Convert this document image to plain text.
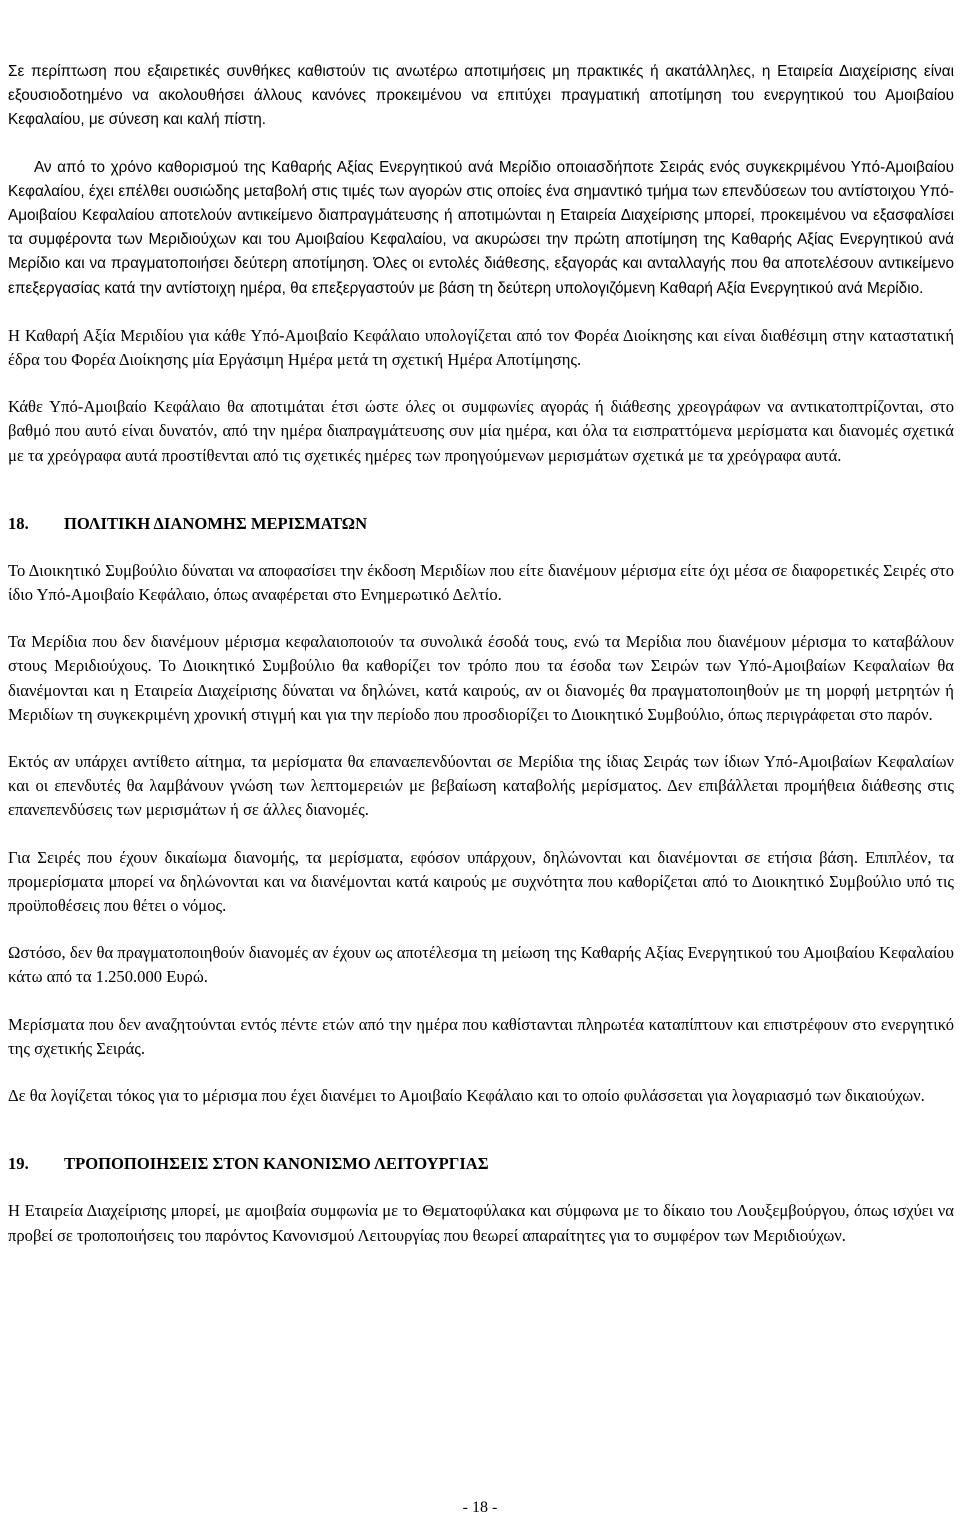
Σε περίπτωση που εξαιρετικές συνθήκες καθιστούν τις ανωτέρω αποτιμήσεις μη πρακτικές ή ακατάλληλες, η Εταιρεία Διαχείρισης είναι εξουσιοδοτημένο να ακολουθήσει άλλους κανόνες προκειμένου να επιτύχει πραγματική αποτίμηση του ενεργητικού του Αμοιβαίου Κεφαλαίου, με σύνεση και καλή πίστη.

Αν από το χρόνο καθορισμού της Καθαρής Αξίας Ενεργητικού ανά Μερίδιο οποιασδήποτε Σειράς ενός συγκεκριμένου Υπό-Αμοιβαίου Κεφαλαίου, έχει επέλθει ουσιώδης μεταβολή στις τιμές των αγορών στις οποίες ένα σημαντικό τμήμα των επενδύσεων του αντίστοιχου Υπό-Αμοιβαίου Κεφαλαίου αποτελούν αντικείμενο διαπραγμάτευσης ή αποτιμώνται η Εταιρεία Διαχείρισης μπορεί, προκειμένου να εξασφαλίσει τα συμφέροντα των Μεριδιούχων και του Αμοιβαίου Κεφαλαίου, να ακυρώσει την πρώτη αποτίμηση της Καθαρής Αξίας Ενεργητικού ανά Μερίδιο και να πραγματοποιήσει δεύτερη αποτίμηση. Όλες οι εντολές διάθεσης, εξαγοράς και ανταλλαγής που θα αποτελέσουν αντικείμενο επεξεργασίας κατά την αντίστοιχη ημέρα, θα επεξεργαστούν με βάση τη δεύτερη υπολογιζόμενη Καθαρή Αξία Ενεργητικού ανά Μερίδιο.

Η Καθαρή Αξία Μεριδίου για κάθε Υπό-Αμοιβαίο Κεφάλαιο υπολογίζεται από τον Φορέα Διοίκησης και είναι διαθέσιμη στην καταστατική έδρα του Φορέα Διοίκησης μία Εργάσιμη Ημέρα μετά τη σχετική Ημέρα Αποτίμησης.

Κάθε Υπό-Αμοιβαίο Κεφάλαιο θα αποτιμάται έτσι ώστε όλες οι συμφωνίες αγοράς ή διάθεσης χρεογράφων να αντικατοπτρίζονται, στο βαθμό που αυτό είναι δυνατόν, από την ημέρα διαπραγμάτευσης συν μία ημέρα, και όλα τα εισπραττόμενα μερίσματα και διανομές σχετικά με τα χρεόγραφα αυτά προστίθενται από τις σχετικές ημέρες των προηγούμενων μερισμάτων σχετικά με τα χρεόγραφα αυτά.

18.	ΠΟΛΙΤΙΚΗ ΔΙΑΝΟΜΗΣ ΜΕΡΙΣΜΑΤΩΝ

Το Διοικητικό Συμβούλιο δύναται να αποφασίσει την έκδοση Μεριδίων που είτε διανέμουν μέρισμα είτε όχι μέσα σε διαφορετικές Σειρές στο ίδιο Υπό-Αμοιβαίο Κεφάλαιο, όπως αναφέρεται στο Ενημερωτικό Δελτίο.

Τα Μερίδια που δεν διανέμουν μέρισμα κεφαλαιοποιούν τα συνολικά έσοδά τους, ενώ τα Μερίδια που διανέμουν μέρισμα το καταβάλουν στους Μεριδιούχους. Το Διοικητικό Συμβούλιο θα καθορίζει τον τρόπο που τα έσοδα των Σειρών των Υπό-Αμοιβαίων Κεφαλαίων θα διανέμονται και η Εταιρεία Διαχείρισης δύναται να δηλώνει, κατά καιρούς, αν οι διανομές θα πραγματοποιηθούν με τη μορφή μετρητών ή Μεριδίων τη συγκεκριμένη χρονική στιγμή και για την περίοδο που προσδιορίζει το Διοικητικό Συμβούλιο, όπως περιγράφεται στο παρόν.

Εκτός αν υπάρχει αντίθετο αίτημα, τα μερίσματα θα επαναεπενδύονται σε Μερίδια της ίδιας Σειράς των ίδιων Υπό-Αμοιβαίων Κεφαλαίων και οι επενδυτές θα λαμβάνουν γνώση των λεπτομερειών με βεβαίωση καταβολής μερίσματος. Δεν επιβάλλεται προμήθεια διάθεσης στις επανεπενδύσεις των μερισμάτων ή σε άλλες διανομές.

Για Σειρές που έχουν δικαίωμα διανομής, τα μερίσματα, εφόσον υπάρχουν, δηλώνονται και διανέμονται σε ετήσια βάση. Επιπλέον, τα προμερίσματα μπορεί να δηλώνονται και να διανέμονται κατά καιρούς με συχνότητα που καθορίζεται από το Διοικητικό Συμβούλιο υπό τις προϋποθέσεις που θέτει ο νόμος.

Ωστόσο, δεν θα πραγματοποιηθούν διανομές αν έχουν ως αποτέλεσμα τη μείωση της Καθαρής Αξίας Ενεργητικού του Αμοιβαίου Κεφαλαίου κάτω από τα 1.250.000 Ευρώ.

Μερίσματα που δεν αναζητούνται εντός πέντε ετών από την ημέρα που καθίστανται πληρωτέα καταπίπτουν και επιστρέφουν στο ενεργητικό της σχετικής Σειράς.

Δε θα λογίζεται τόκος για το μέρισμα που έχει διανέμει το Αμοιβαίο Κεφάλαιο και το οποίο φυλάσσεται για λογαριασμό των δικαιούχων.

19.	ΤΡΟΠΟΠΟΙΗΣΕΙΣ ΣΤΟΝ ΚΑΝΟΝΙΣΜΟ ΛΕΙΤΟΥΡΓΙΑΣ

Η Εταιρεία Διαχείρισης μπορεί, με αμοιβαία συμφωνία με το Θεματοφύλακα και σύμφωνα με το δίκαιο του Λουξεμβούργου, όπως ισχύει να προβεί σε τροποποιήσεις του παρόντος Κανονισμού Λειτουργίας που θεωρεί απαραίτητες για το συμφέρον των Μεριδιούχων.

- 18 -
